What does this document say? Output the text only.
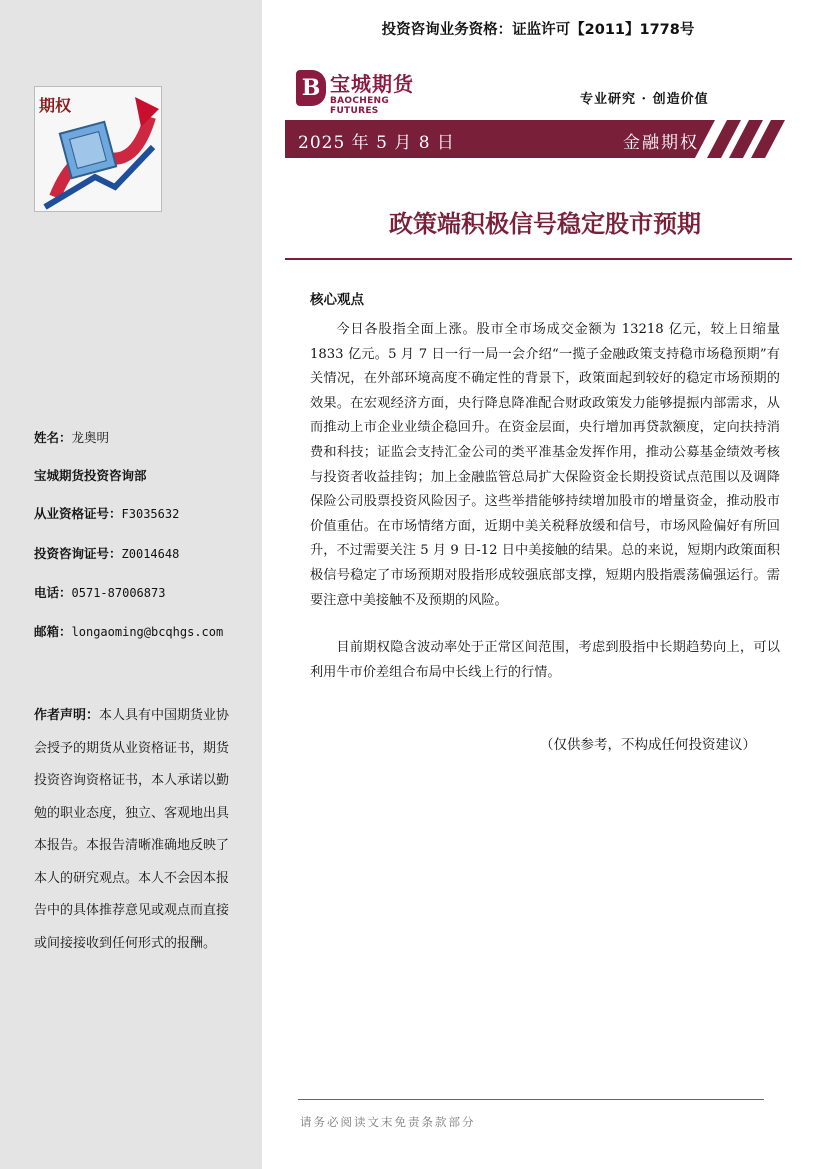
期权
姓名：龙奥明
宝城期货投资咨询部
从业资格证号：F3035632
投资咨询证号：Z0014648
电话：0571-87006873
邮箱：longaoming@bcqhgs.com
作者声明：本人具有中国期货业协会授予的期货从业资格证书，期货投资咨询资格证书，本人承诺以勤勉的职业态度，独立、客观地出具本报告。本报告清晰准确地反映了本人的研究观点。本人不会因本报告中的具体推荐意见或观点而直接或间接接收到任何形式的报酬。
投资咨询业务资格：证监许可【2011】1778号
B 宝城期货
BAOCHENG FUTURES
专业研究 · 创造价值
2025 年 5 月 8 日	金融期权
政策端积极信号稳定股市预期
核心观点
今日各股指全面上涨。股市全市场成交金额为 13218 亿元，较上日缩量 1833 亿元。5 月 7 日一行一局一会介绍“一揽子金融政策支持稳市场稳预期”有关情况，在外部环境高度不确定性的背景下，政策面起到较好的稳定市场预期的效果。在宏观经济方面，央行降息降准配合财政政策发力能够提振内部需求，从而推动上市企业业绩企稳回升。在资金层面，央行增加再贷款额度，定向扶持消费和科技；证监会支持汇金公司的类平准基金发挥作用，推动公募基金绩效考核与投资者收益挂钩；加上金融监管总局扩大保险资金长期投资试点范围以及调降保险公司股票投资风险因子。这些举措能够持续增加股市的增量资金，推动股市价值重估。在市场情绪方面，近期中美关税释放缓和信号，市场风险偏好有所回升，不过需要关注 5 月 9 日-12 日中美接触的结果。总的来说，短期内政策面积极信号稳定了市场预期对股指形成较强底部支撑，短期内股指震荡偏强运行。需要注意中美接触不及预期的风险。
目前期权隐含波动率处于正常区间范围，考虑到股指中长期趋势向上，可以利用牛市价差组合布局中长线上行的行情。
（仅供参考，不构成任何投资建议）
请务必阅读文末免责条款部分
